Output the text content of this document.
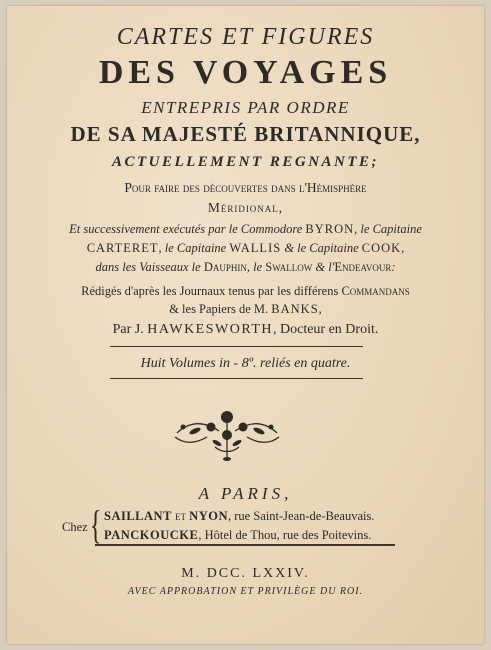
CARTES ET FIGURES
DES VOYAGES
ENTREPRIS PAR ORDRE
DE SA MAJESTÉ BRITANNIQUE,
ACTUELLEMENT REGNANTE;
Pour faire des découvertes dans l'Hémisphère
Méridional,
Et successivement exécutés par le Commodore BYRON, le Capitaine
CARTERET, le Capitaine WALLIS & le Capitaine COOK,
dans les Vaisseaux le Dauphin, le Swallow & l'Endeavour:
Rédigés d'après les Journaux tenus par les différens Commandans
& les Papiers de M. BANKS,
Par J. HAWKESWORTH, Docteur en Droit.
Huit Volumes in - 8º. reliés en quatre.
A PARIS,
Chez { SAILLANT et NYON, rue Saint-Jean-de-Beauvais.
PANCKOUCKE, Hôtel de Thou, rue des Poitevins.
M. DCC. LXXIV.
AVEC APPROBATION ET PRIVILÈGE DU ROI.
